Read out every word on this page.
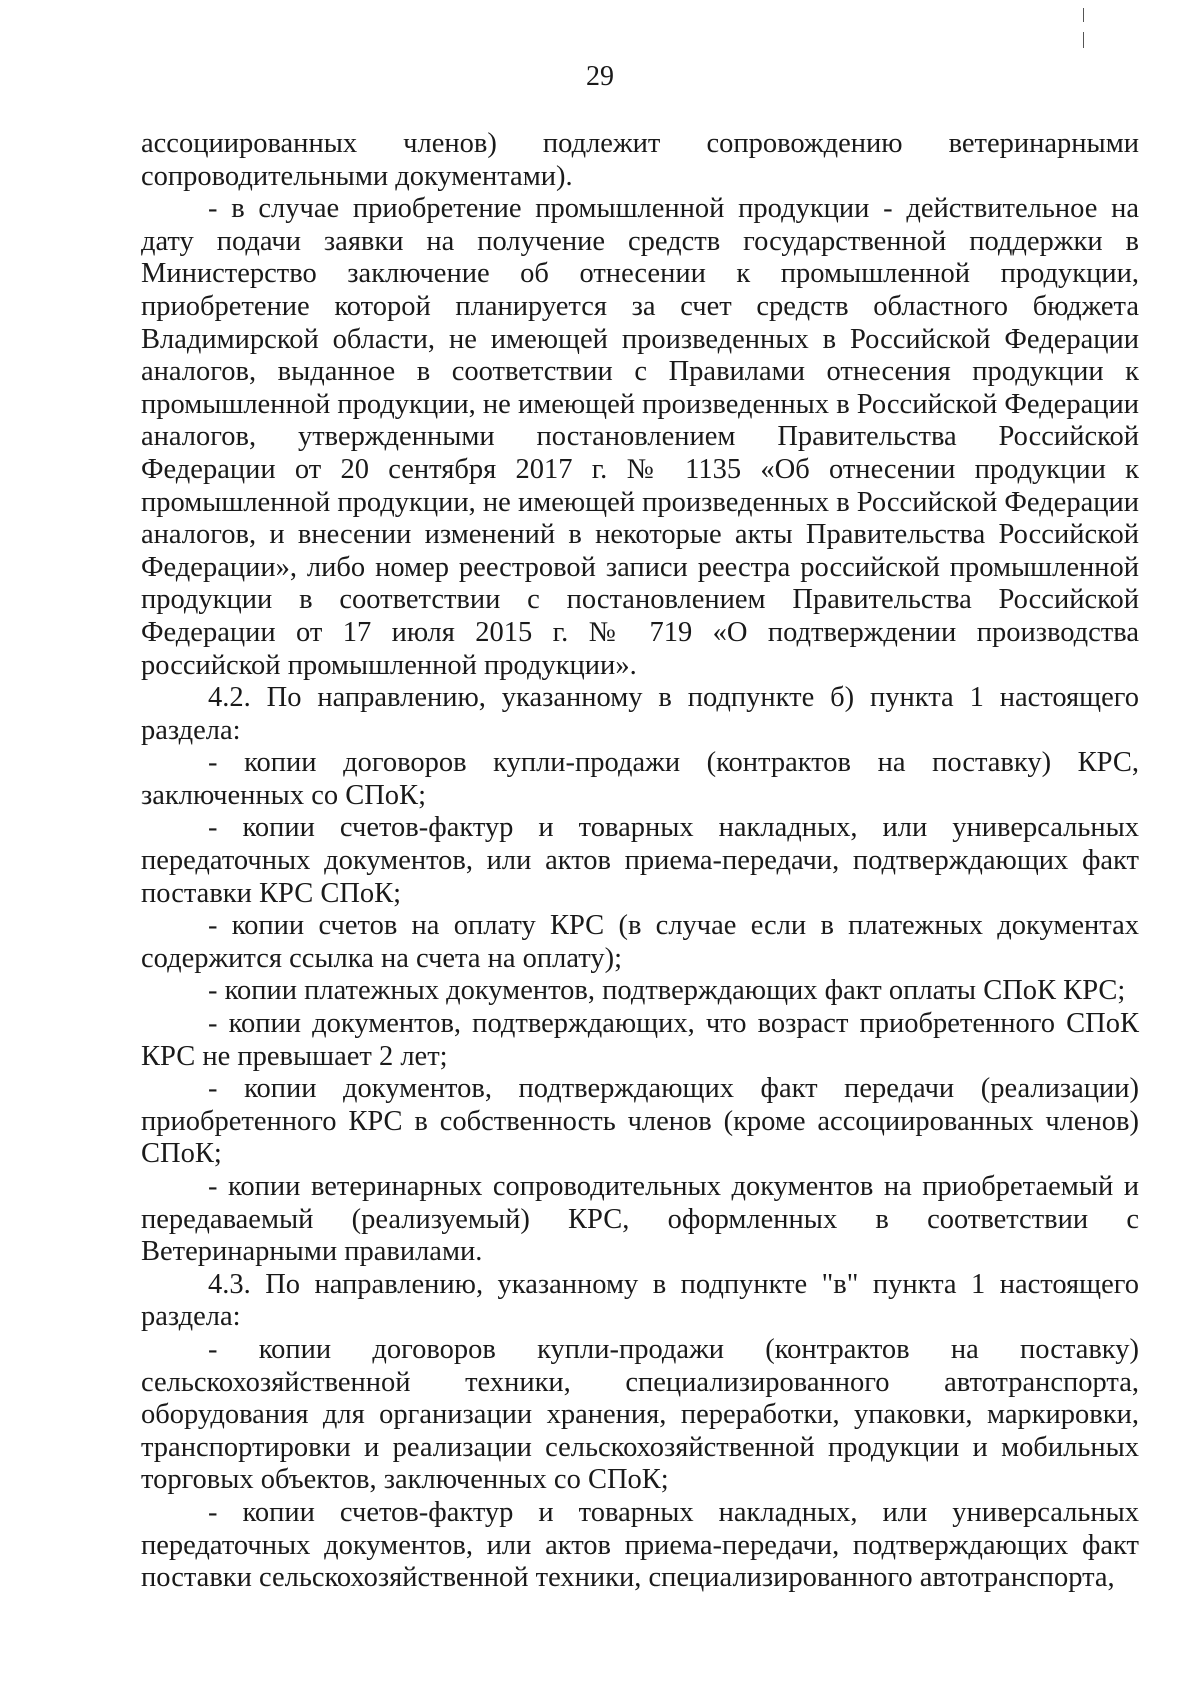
29

ассоциированных членов) подлежит сопровождению ветеринарными сопроводительными документами).

- в случае приобретение промышленной продукции - действительное на дату подачи заявки на получение средств государственной поддержки в Министерство заключение об отнесении к промышленной продукции, приобретение которой планируется за счет средств областного бюджета Владимирской области, не имеющей произведенных в Российской Федерации аналогов, выданное в соответствии с Правилами отнесения продукции к промышленной продукции, не имеющей произведенных в Российской Федерации аналогов, утвержденными постановлением Правительства Российской Федерации от 20 сентября 2017 г. № 1135 «Об отнесении продукции к промышленной продукции, не имеющей произведенных в Российской Федерации аналогов, и внесении изменений в некоторые акты Правительства Российской Федерации», либо номер реестровой записи реестра российской промышленной продукции в соответствии с постановлением Правительства Российской Федерации от 17 июля 2015 г. № 719 «О подтверждении производства российской промышленной продукции».

4.2. По направлению, указанному в подпункте б) пункта 1 настоящего раздела:

- копии договоров купли-продажи (контрактов на поставку) КРС, заключенных со СПоК;

- копии счетов-фактур и товарных накладных, или универсальных передаточных документов, или актов приема-передачи, подтверждающих факт поставки КРС СПоК;

- копии счетов на оплату КРС (в случае если в платежных документах содержится ссылка на счета на оплату);

- копии платежных документов, подтверждающих факт оплаты СПоК КРС;

- копии документов, подтверждающих, что возраст приобретенного СПоК КРС не превышает 2 лет;

- копии документов, подтверждающих факт передачи (реализации) приобретенного КРС в собственность членов (кроме ассоциированных членов) СПоК;

- копии ветеринарных сопроводительных документов на приобретаемый и передаваемый (реализуемый) КРС, оформленных в соответствии с Ветеринарными правилами.

4.3. По направлению, указанному в подпункте "в" пункта 1 настоящего раздела:

- копии договоров купли-продажи (контрактов на поставку) сельскохозяйственной техники, специализированного автотранспорта, оборудования для организации хранения, переработки, упаковки, маркировки, транспортировки и реализации сельскохозяйственной продукции и мобильных торговых объектов, заключенных со СПоК;

- копии счетов-фактур и товарных накладных, или универсальных передаточных документов, или актов приема-передачи, подтверждающих факт поставки сельскохозяйственной техники, специализированного автотранспорта,
